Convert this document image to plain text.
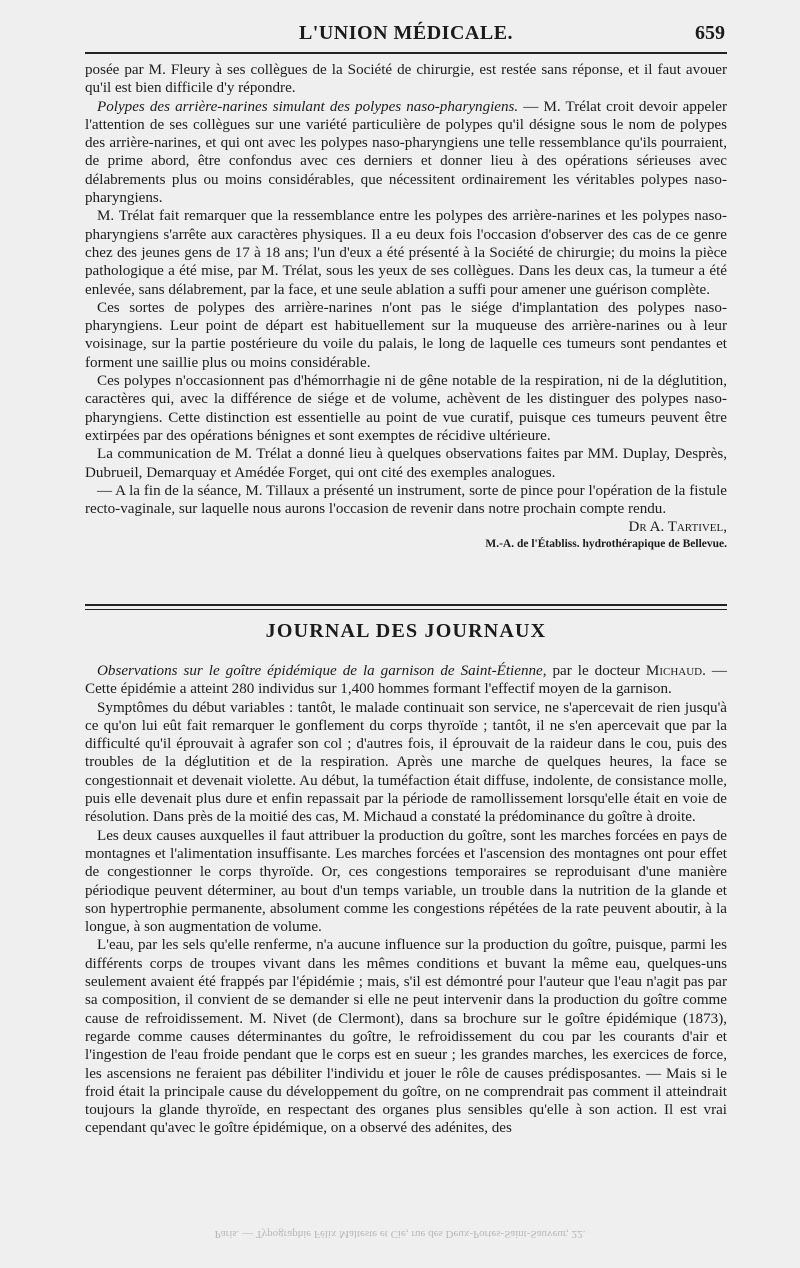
L'UNION MÉDICALE.	659

posée par M. Fleury à ses collègues de la Société de chirurgie, est restée sans réponse, et il faut avouer qu'il est bien difficile d'y répondre.

Polypes des arrière-narines simulant des polypes naso-pharyngiens. — M. Trélat croit devoir appeler l'attention de ses collègues sur une variété particulière de polypes qu'il désigne sous le nom de polypes des arrière-narines, et qui ont avec les polypes naso-pharyngiens une telle ressemblance qu'ils pourraient, de prime abord, être confondus avec ces derniers et donner lieu à des opérations sérieuses avec délabrements plus ou moins considérables, que nécessitent ordinairement les véritables polypes naso-pharyngiens.

M. Trélat fait remarquer que la ressemblance entre les polypes des arrière-narines et les polypes naso-pharyngiens s'arrête aux caractères physiques. Il a eu deux fois l'occasion d'observer des cas de ce genre chez des jeunes gens de 17 à 18 ans; l'un d'eux a été présenté à la Société de chirurgie; du moins la pièce pathologique a été mise, par M. Trélat, sous les yeux de ses collègues. Dans les deux cas, la tumeur a été enlevée, sans délabrement, par la face, et une seule ablation a suffi pour amener une guérison complète.

Ces sortes de polypes des arrière-narines n'ont pas le siége d'implantation des polypes naso-pharyngiens. Leur point de départ est habituellement sur la muqueuse des arrière-narines ou à leur voisinage, sur la partie postérieure du voile du palais, le long de laquelle ces tumeurs sont pendantes et forment une saillie plus ou moins considérable.

Ces polypes n'occasionnent pas d'hémorrhagie ni de gêne notable de la respiration, ni de la déglutition, caractères qui, avec la différence de siége et de volume, achèvent de les distinguer des polypes naso-pharyngiens. Cette distinction est essentielle au point de vue curatif, puisque ces tumeurs peuvent être extirpées par des opérations bénignes et sont exemptes de récidive ultérieure.

La communication de M. Trélat a donné lieu à quelques observations faites par MM. Duplay, Desprès, Dubrueil, Demarquay et Amédée Forget, qui ont cité des exemples analogues.

— A la fin de la séance, M. Tillaux a présenté un instrument, sorte de pince pour l'opération de la fistule recto-vaginale, sur laquelle nous aurons l'occasion de revenir dans notre prochain compte rendu.

Dr A. Tartivel,

M.-A. de l'Établiss. hydrothérapique de Bellevue.

JOURNAL DES JOURNAUX

Observations sur le goître épidémique de la garnison de Saint-Étienne, par le docteur Michaud. — Cette épidémie a atteint 280 individus sur 1,400 hommes formant l'effectif moyen de la garnison.

Symptômes du début variables : tantôt, le malade continuait son service, ne s'apercevait de rien jusqu'à ce qu'on lui eût fait remarquer le gonflement du corps thyroïde ; tantôt, il ne s'en apercevait que par la difficulté qu'il éprouvait à agrafer son col ; d'autres fois, il éprouvait de la raideur dans le cou, puis des troubles de la déglutition et de la respiration. Après une marche de quelques heures, la face se congestionnait et devenait violette. Au début, la tuméfaction était diffuse, indolente, de consistance molle, puis elle devenait plus dure et enfin repassait par la période de ramollissement lorsqu'elle était en voie de résolution. Dans près de la moitié des cas, M. Michaud a constaté la prédominance du goître à droite.

Les deux causes auxquelles il faut attribuer la production du goître, sont les marches forcées en pays de montagnes et l'alimentation insuffisante. Les marches forcées et l'ascension des montagnes ont pour effet de congestionner le corps thyroïde. Or, ces congestions temporaires se reproduisant d'une manière périodique peuvent déterminer, au bout d'un temps variable, un trouble dans la nutrition de la glande et son hypertrophie permanente, absolument comme les congestions répétées de la rate peuvent aboutir, à la longue, à son augmentation de volume.

L'eau, par les sels qu'elle renferme, n'a aucune influence sur la production du goître, puisque, parmi les différents corps de troupes vivant dans les mêmes conditions et buvant la même eau, quelques-uns seulement avaient été frappés par l'épidémie ; mais, s'il est démontré pour l'auteur que l'eau n'agit pas par sa composition, il convient de se demander si elle ne peut intervenir dans la production du goître comme cause de refroidissement. M. Nivet (de Clermont), dans sa brochure sur le goître épidémique (1873), regarde comme causes déterminantes du goître, le refroidissement du cou par les courants d'air et l'ingestion de l'eau froide pendant que le corps est en sueur ; les grandes marches, les exercices de force, les ascensions ne feraient pas débiliter l'individu et jouer le rôle de causes prédisposantes. — Mais si le froid était la principale cause du développement du goître, on ne comprendrait pas comment il atteindrait toujours la glande thyroïde, en respectant des organes plus sensibles qu'elle à son action. Il est vrai cependant qu'avec le goître épidémique, on a observé des adénites, des

Paris. — Typographie Félix Malteste et Cie, rue des Deux-Portes-Saint-Sauveur, 22.
